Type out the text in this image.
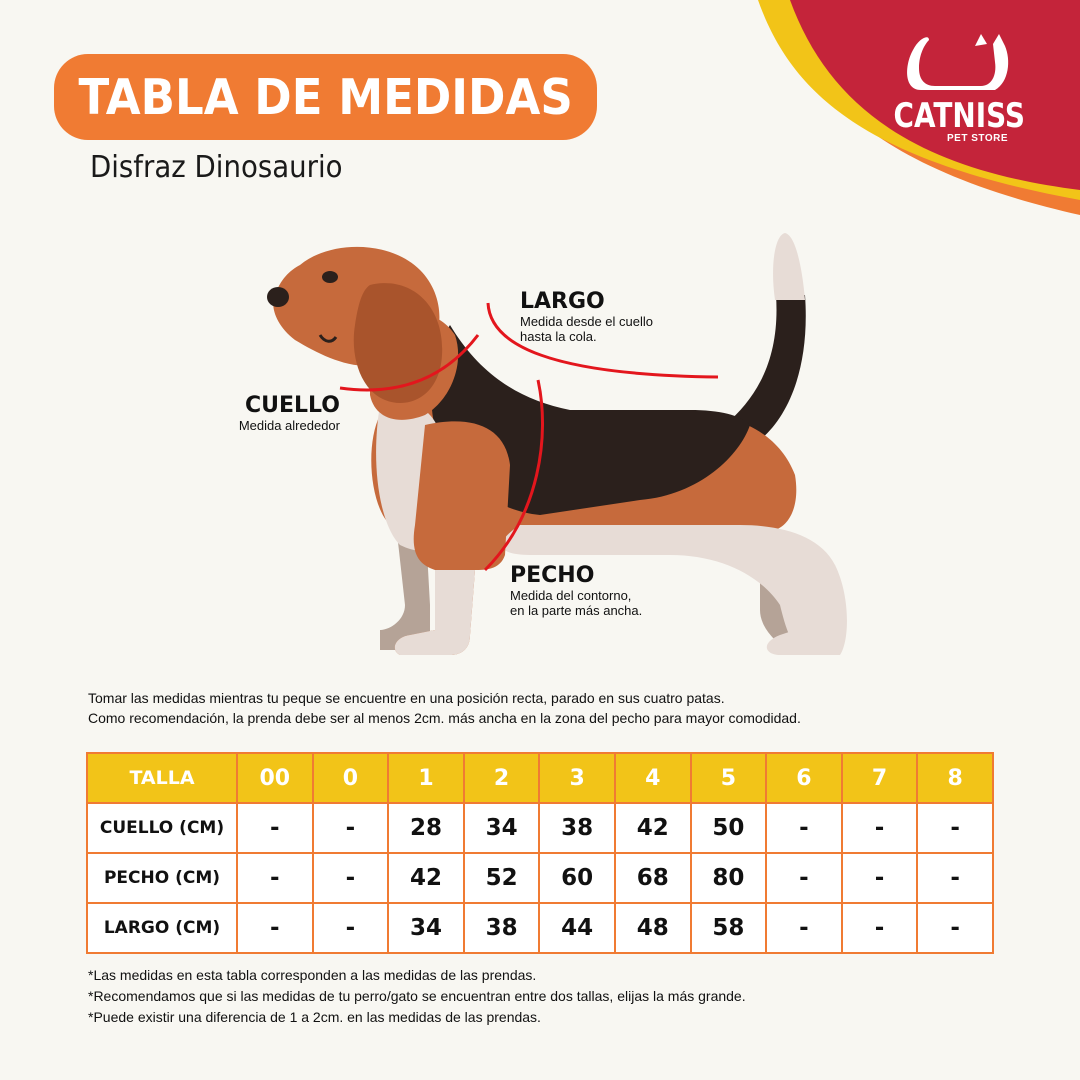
CATNISS
PET STORE
TABLA DE MEDIDAS
Disfraz Dinosaurio
LARGO
Medida desde el cuello
hasta la cola.
CUELLO
Medida alrededor
PECHO
Medida del contorno,
en la parte más ancha.
Tomar las medidas mientras tu peque se encuentre en una posición recta, parado en sus cuatro patas.
Como recomendación, la prenda debe ser al menos 2cm. más ancha en la zona del pecho para mayor comodidad.
TALLA	00	0	1	2	3	4	5	6	7	8
CUELLO (CM)	-	-	28	34	38	42	50	-	-	-
PECHO (CM)	-	-	42	52	60	68	80	-	-	-
LARGO (CM)	-	-	34	38	44	48	58	-	-	-
*Las medidas en esta tabla corresponden a las medidas de las prendas.
*Recomendamos que si las medidas de tu perro/gato se encuentran entre dos tallas, elijas la más grande.
*Puede existir una diferencia de 1 a 2cm. en las medidas de las prendas.
